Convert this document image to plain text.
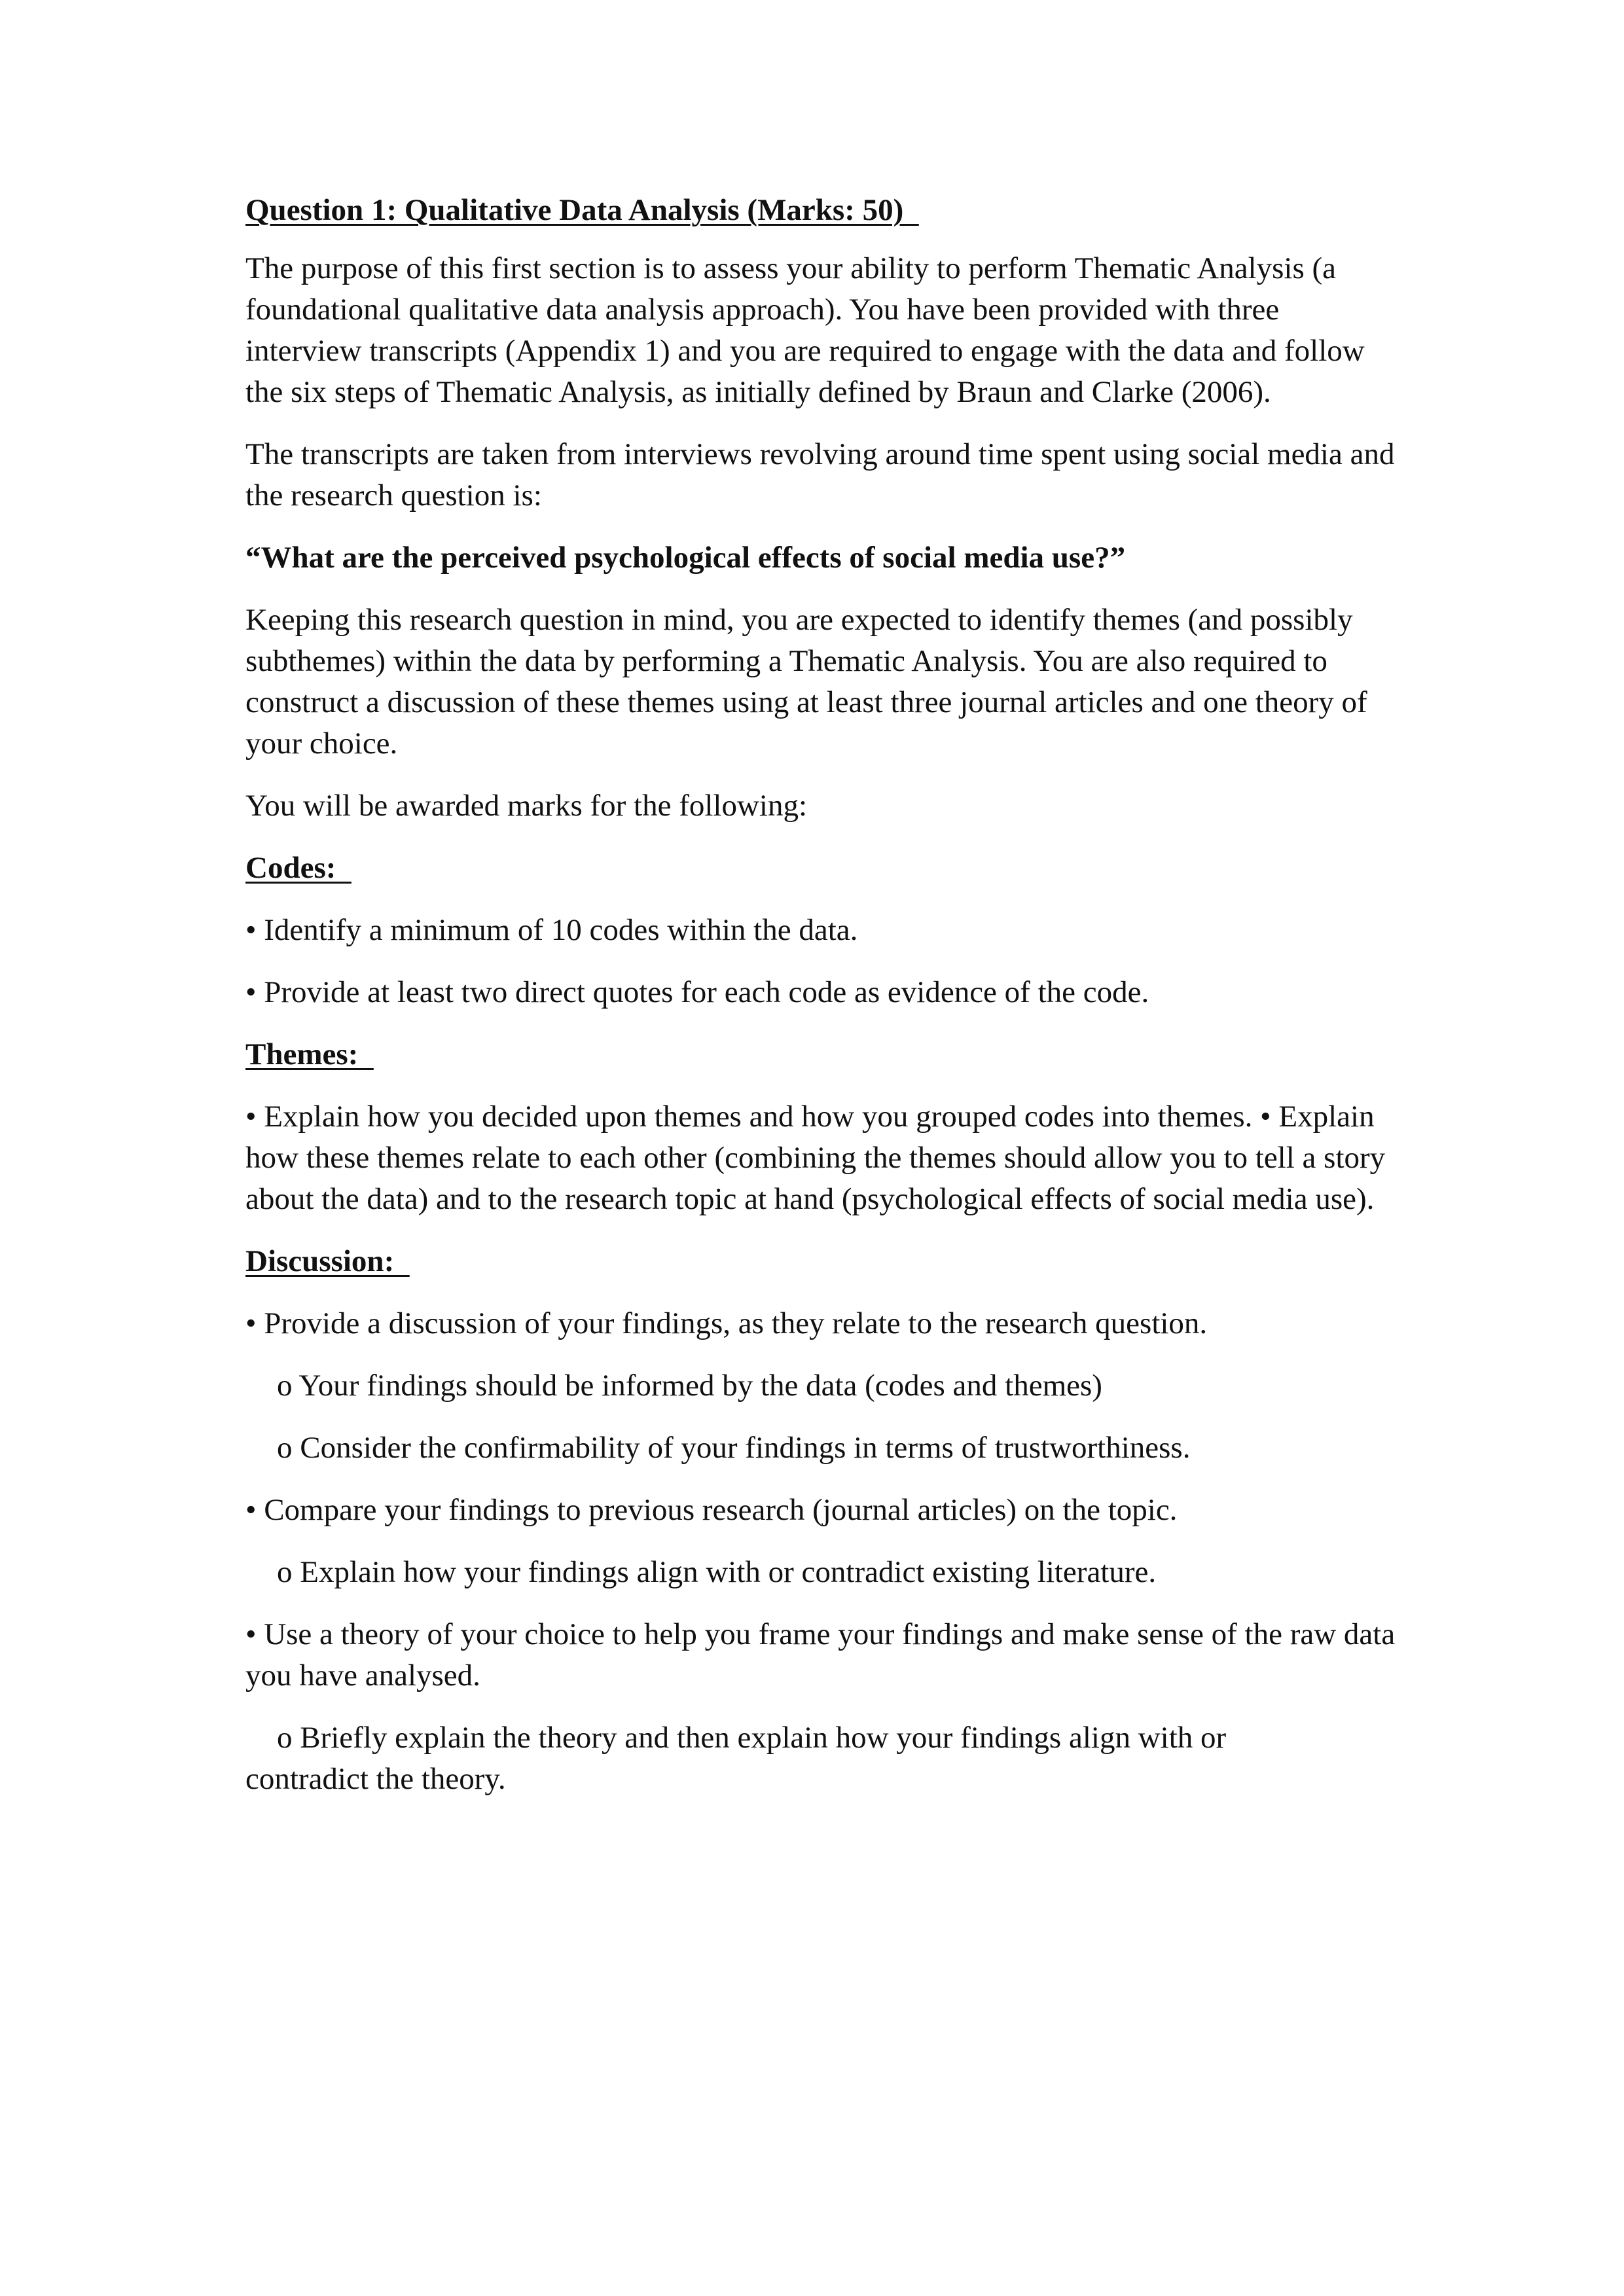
Question 1: Qualitative Data Analysis (Marks: 50)

The purpose of this first section is to assess your ability to perform Thematic Analysis (a foundational qualitative data analysis approach). You have been provided with three interview transcripts (Appendix 1) and you are required to engage with the data and follow the six steps of Thematic Analysis, as initially defined by Braun and Clarke (2006).

The transcripts are taken from interviews revolving around time spent using social media and the research question is:

“What are the perceived psychological effects of social media use?”

Keeping this research question in mind, you are expected to identify themes (and possibly subthemes) within the data by performing a Thematic Analysis. You are also required to construct a discussion of these themes using at least three journal articles and one theory of your choice.

You will be awarded marks for the following:

Codes:

• Identify a minimum of 10 codes within the data.

• Provide at least two direct quotes for each code as evidence of the code.

Themes:

• Explain how you decided upon themes and how you grouped codes into themes. • Explain how these themes relate to each other (combining the themes should allow you to tell a story about the data) and to the research topic at hand (psychological effects of social media use).

Discussion:

• Provide a discussion of your findings, as they relate to the research question.

o Your findings should be informed by the data (codes and themes)

o Consider the confirmability of your findings in terms of trustworthiness.

• Compare your findings to previous research (journal articles) on the topic.

o Explain how your findings align with or contradict existing literature.

• Use a theory of your choice to help you frame your findings and make sense of the raw data you have analysed.

o Briefly explain the theory and then explain how your findings align with or
contradict the theory.
